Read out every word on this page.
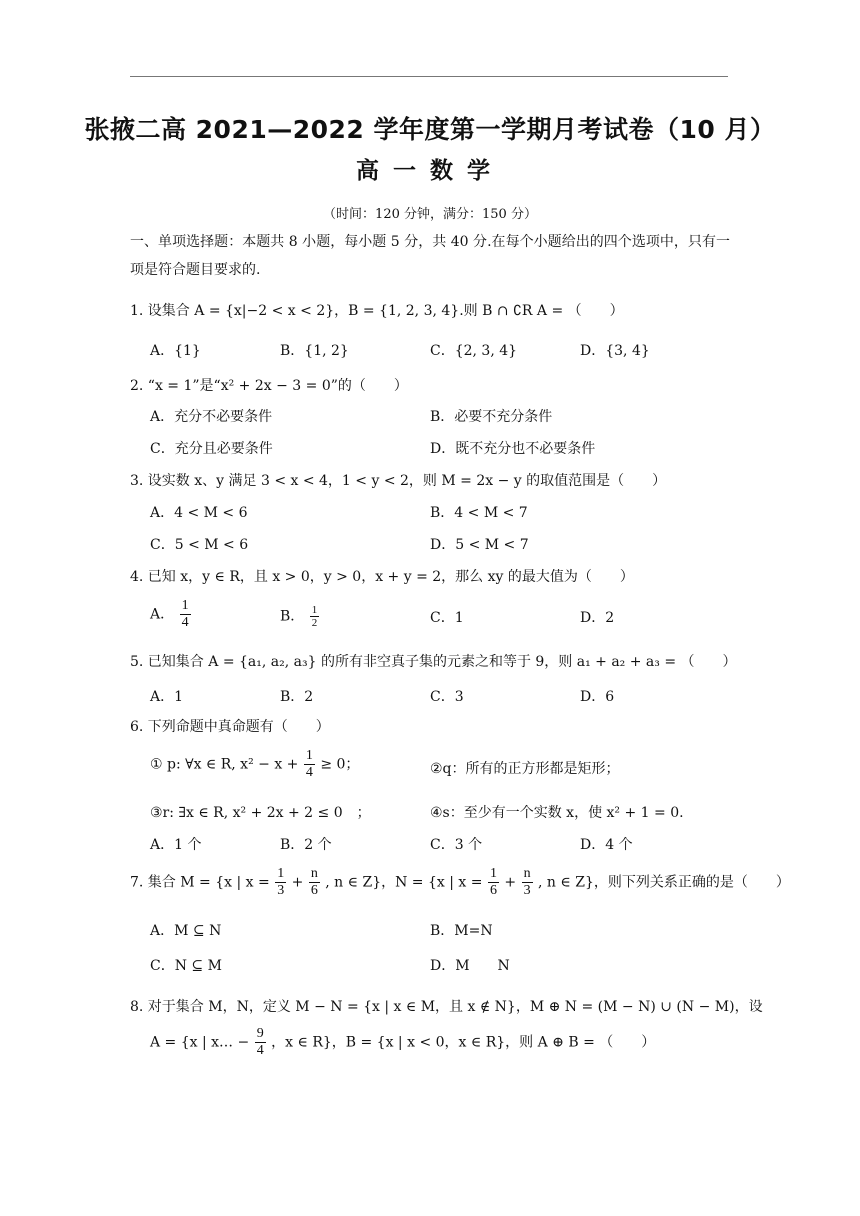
张掖二高 2021—2022 学年度第一学期月考试卷（10 月）
高一数学
（时间：120 分钟，满分：150 分）
一、单项选择题：本题共 8 小题，每小题 5 分，共 40 分.在每个小题给出的四个选项中，只有一项是符合题目要求的.
1. 设集合 A = {x|−2 < x < 2}，B = {1, 2, 3, 4}.则 B ∩ ∁R A = （　　）
A．{1}	B．{1, 2}	C．{2, 3, 4}	D．{3, 4}
2. “x = 1”是“x² + 2x − 3 = 0”的（　　）
A．充分不必要条件	B．必要不充分条件
C．充分且必要条件	D．既不充分也不必要条件
3. 设实数 x、y 满足 3 < x < 4，1 < y < 2，则 M = 2x − y 的取值范围是（　　）
A．4 < M < 6	B．4 < M < 7
C．5 < M < 6	D．5 < M < 7
4. 已知 x，y ∈ R，且 x > 0，y > 0，x + y = 2，那么 xy 的最大值为（　　）
A． $\frac{1}{4}$	B． $\frac{1}{2}$	C．1	D．2
5. 已知集合 A = {a₁, a₂, a₃} 的所有非空真子集的元素之和等于 9，则 a₁ + a₂ + a₃ = （　　）
A．1	B．2	C．3	D．6
6. 下列命题中真命题有（　　）
① p: ∀x ∈ R, $x^2 - x + \frac{1}{4} \ge 0$；	②q：所有的正方形都是矩形；
③r: ∃x ∈ R, x² + 2x + 2 ≤ 0　；	④s：至少有一个实数 x，使 x² + 1 = 0.
A．1 个	B．2 个	C．3 个	D．4 个
7. 集合 M = {x | $x = \frac{1}{3} + \frac{n}{6}$ , n ∈ Z}，N = {x | $x = \frac{1}{6} + \frac{n}{3}$ , n ∈ Z}，则下列关系正确的是（　　）
A．M ⊆ N	B．M=N
C．N ⊆ M	D．M　　N
8. 对于集合 M，N，定义 M − N = {x | x ∈ M，且 x ∉ N}，M ⊕ N = (M − N) ∪ (N − M)，设
A = {x | x… − $\frac{9}{4}$ ，x ∈ R}，B = {x | x < 0，x ∈ R}，则 A ⊕ B = （　　）
